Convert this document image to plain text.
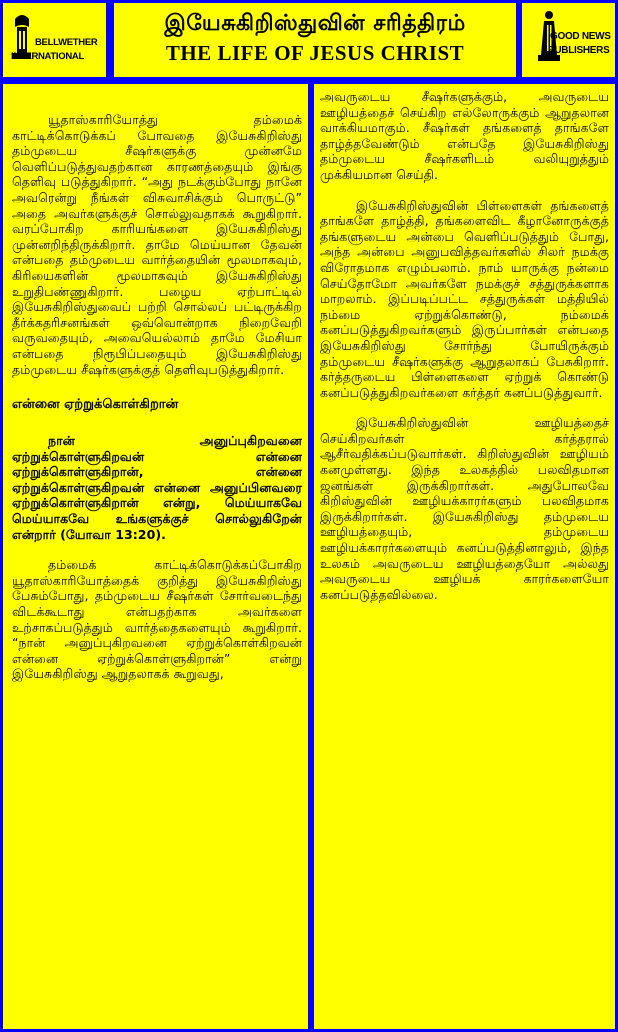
BELLWETHER
INTERNATIONAL
இயேசுகிறிஸ்துவின் சரித்திரம்
THE LIFE OF JESUS CHRIST
GOOD NEWS
PUBLISHERS

யூதாஸ்காரியோத்து தம்மைக் காட்டிக்கொடுக்கப் போவதை இயேசுகிறிஸ்து தம்முடைய சீஷர்களுக்கு முன்னமே வெளிப்படுத்துவதற்கான காரணத்தையும் இங்கு தெளிவு படுத்துகிறார். “அது நடக்கும்போது நானே அவரென்று நீங்கள் விசுவாசிக்கும் பொருட்டு” அதை அவர்களுக்குச் சொல்லுவதாகக் கூறுகிறார். வரப்போகிற காரியங்களை இயேசுகிறிஸ்து முன்னறிந்திருக்கிறார். தாமே மெய்யான தேவன் என்பதை தம்முடைய வார்த்தையின் மூலமாகவும், கிரியைகளின் மூலமாகவும் இயேசுகிறிஸ்து உறுதிபண்ணுகிறார். பழைய ஏற்பாட்டில் இயேசுகிறிஸ்துவைப் பற்றி சொல்லப் பட்டிருக்கிற தீர்க்கதரிசனங்கள் ஒவ்வொன்றாக நிறைவேறி வருவதையும், அவையெல்லாம் தாமே மேசியா என்பதை நிரூபிப்பதையும் இயேசுகிறிஸ்து தம்முடைய சீஷர்களுக்குத் தெளிவுபடுத்துகிறார்.

என்னை ஏற்றுக்கொள்கிறான்

நான் அனுப்புகிறவனை ஏற்றுக்கொள்ளுகிறவன் என்னை ஏற்றுக்கொள்ளுகிறான், என்னை ஏற்றுக்கொள்ளுகிறவன் என்னை அனுப்பினவரை ஏற்றுக்கொள்ளுகிறான் என்று, மெய்யாகவே மெய்யாகவே உங்களுக்குச் சொல்லுகிறேன் என்றார் (யோவா 13:20).

தம்மைக் காட்டிக்கொடுக்கப்போகிற யூதாஸ்காரியோத்தைக் குறித்து இயேசுகிறிஸ்து பேசும்போது, தம்முடைய சீஷர்கள் சோர்வடைந்து விடக்கூடாது என்பதற்காக அவர்களை உற்சாகப்படுத்தும் வார்த்தைகளையும் கூறுகிறார். “நான் அனுப்புகிறவனை ஏற்றுக்கொள்கிறவன் என்னை ஏற்றுக்கொள்ளுகிறான்” என்று இயேசுகிறிஸ்து ஆறுதலாகக் கூறுவது,

அவருடைய சீஷர்களுக்கும், அவருடைய ஊழியத்தைச் செய்கிற எல்லோருக்கும் ஆறுதலான வாக்கியமாகும். சீஷர்கள் தங்களைத் தாங்களே தாழ்த்தவேண்டும் என்பதே இயேசுகிறிஸ்து தம்முடைய சீஷர்களிடம் வலியுறுத்தும் முக்கியமான செய்தி.

இயேசுகிறிஸ்துவின் பிள்ளைகள் தங்களைத் தாங்களே தாழ்த்தி, தங்களைவிட கீழானோருக்குத் தங்களுடைய அன்பை வெளிப்படுத்தும் போது, அந்த அன்பை அனுபவித்தவர்களில் சிலர் நமக்கு விரோதமாக எழும்பலாம். நாம் யாருக்கு நன்மை செய்தோமோ அவர்களே நமக்குச் சத்துருக்களாக மாறலாம். இப்படிப்பட்ட சத்துருக்கள் மத்தியில் நம்மை ஏற்றுக்கொண்டு, நம்மைக் கனப்படுத்துகிறவர்களும் இருப்பார்கள் என்பதை இயேசுகிறிஸ்து சோர்ந்து போயிருக்கும் தம்முடைய சீஷர்களுக்கு ஆறுதலாகப் பேசுகிறார். கர்த்தருடைய பிள்ளைகளை ஏற்றுக் கொண்டு கனப்படுத்துகிறவர்களை கர்த்தர் கனப்படுத்துவார்.

இயேசுகிறிஸ்துவின் ஊழியத்தைச் செய்கிறவர்கள் கர்த்தரால் ஆசீர்வதிக்கப்படுவார்கள். கிறிஸ்துவின் ஊழியம் கனமுள்ளது. இந்த உலகத்தில் பலவிதமான ஜனங்கள் இருக்கிறார்கள். அதுபோலவே கிறிஸ்துவின் ஊழியக்காரர்களும் பலவிதமாக இருக்கிறார்கள். இயேசுகிறிஸ்து தம்முடைய ஊழியத்தையும், தம்முடைய ஊழியக்காரர்களையும் கனப்படுத்தினாலும், இந்த உலகம் அவருடைய ஊழியத்தையோ அல்லது அவருடைய ஊழியக் காரர்களையோ கனப்படுத்தவில்லை.
